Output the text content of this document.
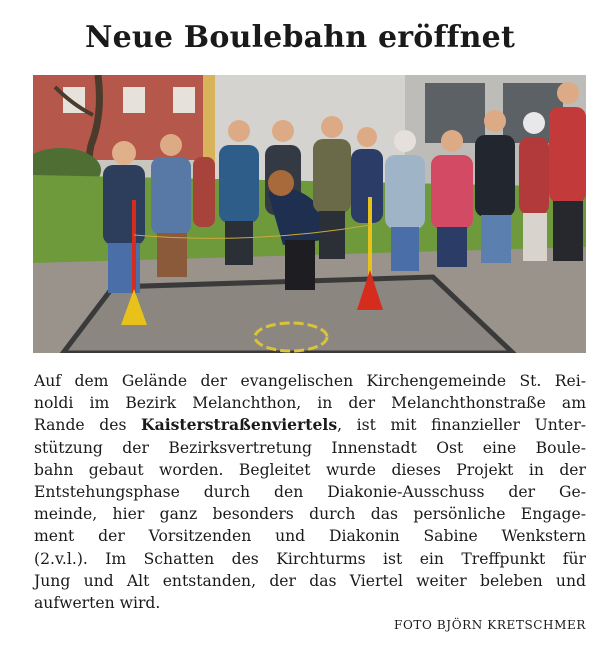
Neue Boulebahn eröffnet
Auf dem Gelände der evangelischen Kirchengemeinde St. Rei-
noldi im Bezirk Melanchthon, in der Melanchthonstraße am
Rande des Kaisterstraßenviertels, ist mit finanzieller Unter-
stützung der Bezirksvertretung Innenstadt Ost eine Boule-
bahn gebaut worden. Begleitet wurde dieses Projekt in der
Entstehungsphase durch den Diakonie-Ausschuss der Ge-
meinde, hier ganz besonders durch das persönliche Engage-
ment der Vorsitzenden und Diakonin Sabine Wenkstern
(2.v.l.). Im Schatten des Kirchturms ist ein Treffpunkt für
Jung und Alt entstanden, der das Viertel weiter beleben und
aufwerten wird.
FOTO BJÖRN KRETSCHMER
